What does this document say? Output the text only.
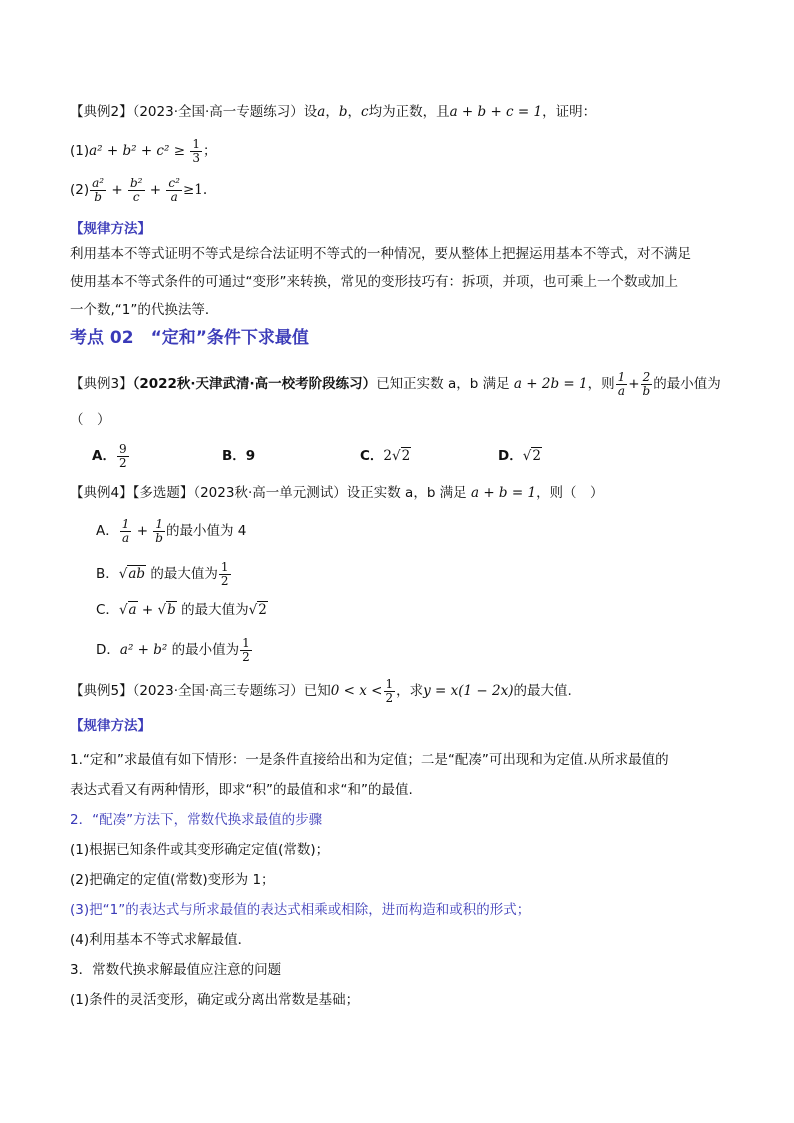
【典例2】（2023·全国·高一专题练习）设a，b，c均为正数，且a + b + c = 1，证明：
$(1)a^2 + b^2 + c^2 \ge \frac{1}{3}$ ；
$(2) \frac{\text{a²}}{b} + \frac{\text{b²}}{c} + \frac{\text{c²}}{a} \ge 1$.
【规律方法】
利用基本不等式证明不等式是综合法证明不等式的一种情况，要从整体上把握运用基本不等式，对不满足
使用基本不等式条件的可通过“变形”来转换，常见的变形技巧有：拆项，并项，也可乘上一个数或加上
一个数,“1”的代换法等．
考点 02　“定和”条件下求最值
【典例3】（2022秋·天津武清·高一校考阶段练习）已知正实数 a，b 满足 a + 2b = 1，则 $\frac{1}{a} + \frac{2}{b}$ 的最小值为
（　）
A． $\frac{9}{2}$	B．9	C．2√2	D．√2
【典例4】【多选题】（2023秋·高一单元测试）设正实数 a，b 满足 a + b = 1，则（　）
A． $\frac{1}{a} + \frac{1}{b}$ 的最小值为 4
B．√ab 的最大值为 $\frac{1}{2}$
C．√a + √b 的最大值为√2
D．a² + b² 的最小值为 $\frac{1}{2}$
【典例5】（2023·全国·高三专题练习）已知$0 < x < \frac{1}{2}$ ，求y = x(1 − 2x)的最大值.
【规律方法】
1.“定和”求最值有如下情形：一是条件直接给出和为定值；二是“配凑”可出现和为定值.从所求最值的
表达式看又有两种情形，即求“积”的最值和求“和”的最值.
2．“配凑”方法下，常数代换求最值的步骤
(1)根据已知条件或其变形确定定值(常数)；
(2)把确定的定值(常数)变形为 1；
(3)把“1”的表达式与所求最值的表达式相乘或相除，进而构造和或积的形式；
(4)利用基本不等式求解最值．
3．常数代换求解最值应注意的问题
(1)条件的灵活变形，确定或分离出常数是基础；
